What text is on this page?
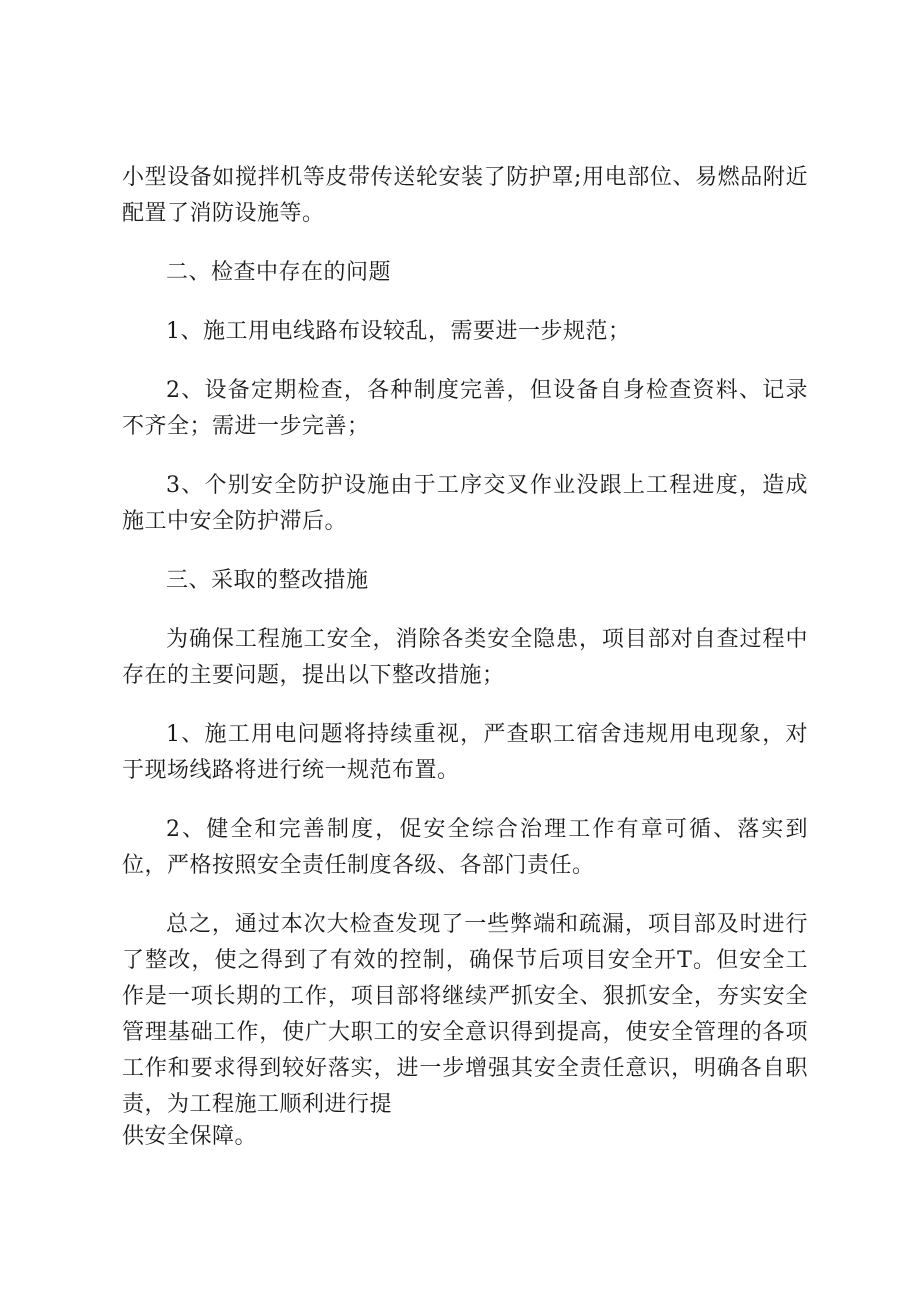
小型设备如搅拌机等皮带传送轮安装了防护罩;用电部位、易燃品附近配置了消防设施等。

二、检查中存在的问题

1、施工用电线路布设较乱，需要进一步规范；

2、设备定期检查，各种制度完善，但设备自身检查资料、记录不齐全；需进一步完善；

3、个别安全防护设施由于工序交叉作业没跟上工程进度，造成施工中安全防护滞后。

三、采取的整改措施

为确保工程施工安全，消除各类安全隐患，项目部对自查过程中存在的主要问题，提出以下整改措施；

1、施工用电问题将持续重视，严查职工宿舍违规用电现象，对于现场线路将进行统一规范布置。

2、健全和完善制度，促安全综合治理工作有章可循、落实到位，严格按照安全责任制度各级、各部门责任。

总之，通过本次大检查发现了一些弊端和疏漏，项目部及时进行了整改，使之得到了有效的控制，确保节后项目安全开T。但安全工作是一项长期的工作，项目部将继续严抓安全、狠抓安全，夯实安全管理基础工作，使广大职工的安全意识得到提高，使安全管理的各项工作和要求得到较好落实，进一步增强其安全责任意识，明确各自职责，为工程施工顺利进行提

供安全保障。
